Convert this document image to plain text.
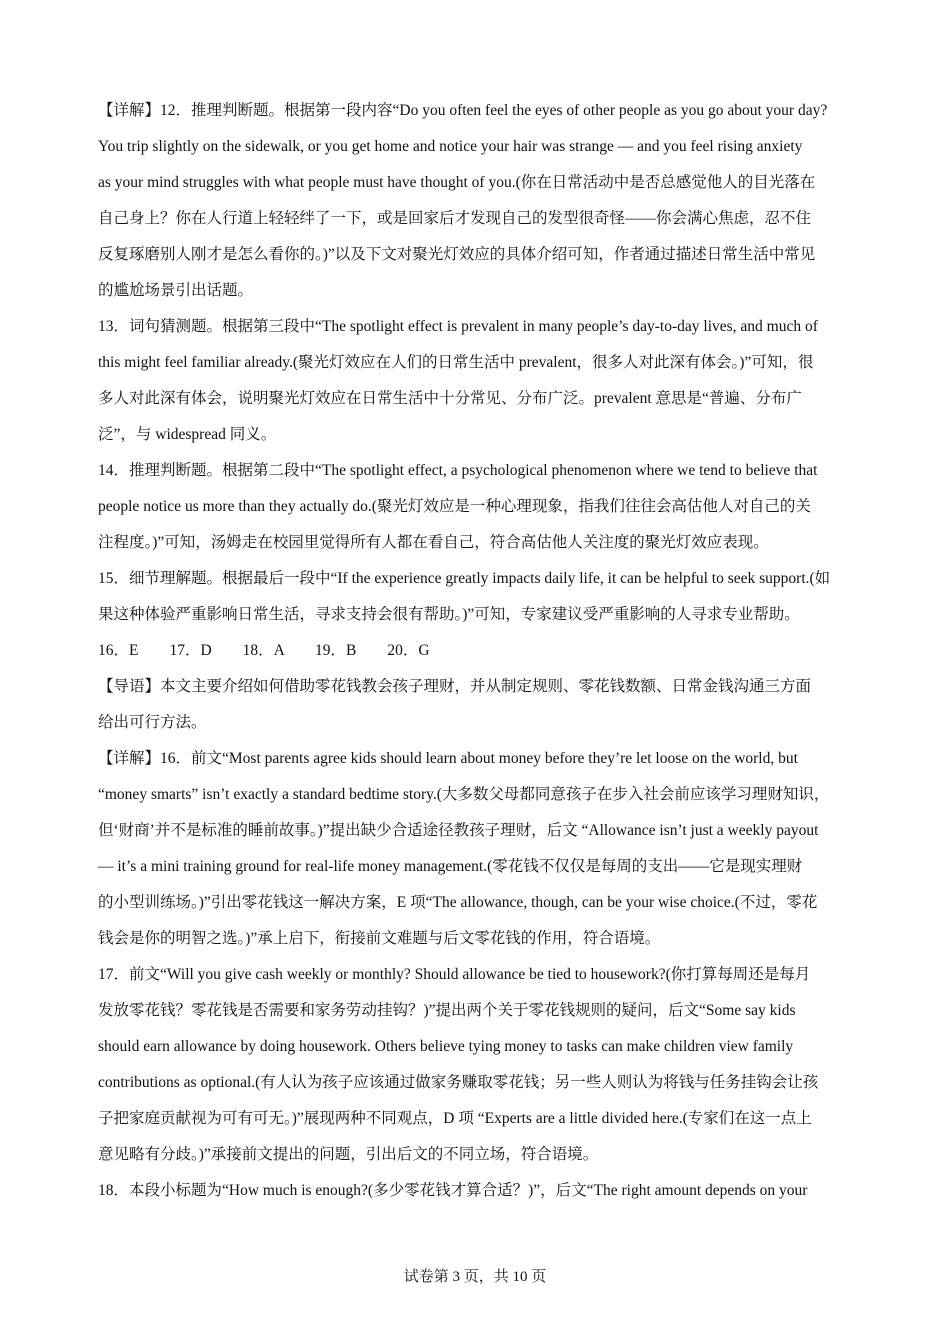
【详解】12．推理判断题。根据第一段内容“Do you often feel the eyes of other people as you go about your day?
You trip slightly on the sidewalk, or you get home and notice your hair was strange — and you feel rising anxiety
as your mind struggles with what people must have thought of you.(你在日常活动中是否总感觉他人的目光落在
自己身上？你在人行道上轻轻绊了一下，或是回家后才发现自己的发型很奇怪——你会满心焦虑，忍不住
反复琢磨别人刚才是怎么看你的。)”以及下文对聚光灯效应的具体介绍可知，作者通过描述日常生活中常见
的尴尬场景引出话题。
13．词句猜测题。根据第三段中“The spotlight effect is prevalent in many people’s day-to-day lives, and much of
this might feel familiar already.(聚光灯效应在人们的日常生活中 prevalent，很多人对此深有体会。)”可知，很
多人对此深有体会，说明聚光灯效应在日常生活中十分常见、分布广泛。prevalent 意思是“普遍、分布广
泛”，与 widespread 同义。
14．推理判断题。根据第二段中“The spotlight effect, a psychological phenomenon where we tend to believe that
people notice us more than they actually do.(聚光灯效应是一种心理现象，指我们往往会高估他人对自己的关
注程度。)”可知，汤姆走在校园里觉得所有人都在看自己，符合高估他人关注度的聚光灯效应表现。
15．细节理解题。根据最后一段中“If the experience greatly impacts daily life, it can be helpful to seek support.(如
果这种体验严重影响日常生活，寻求支持会很有帮助。)”可知，专家建议受严重影响的人寻求专业帮助。
16．E　　17．D　　18．A　　19．B　　20．G
【导语】本文主要介绍如何借助零花钱教会孩子理财，并从制定规则、零花钱数额、日常金钱沟通三方面
给出可行方法。
【详解】16．前文“Most parents agree kids should learn about money before they’re let loose on the world, but
“money smarts” isn’t exactly a standard bedtime story.(大多数父母都同意孩子在步入社会前应该学习理财知识，
但‘财商’并不是标准的睡前故事。)”提出缺少合适途径教孩子理财，后文 “Allowance isn’t just a weekly payout
— it’s a mini training ground for real-life money management.(零花钱不仅仅是每周的支出——它是现实理财
的小型训练场。)”引出零花钱这一解决方案，E 项“The allowance, though, can be your wise choice.(不过，零花
钱会是你的明智之选。)”承上启下，衔接前文难题与后文零花钱的作用，符合语境。
17．前文“Will you give cash weekly or monthly? Should allowance be tied to housework?(你打算每周还是每月
发放零花钱？零花钱是否需要和家务劳动挂钩？)”提出两个关于零花钱规则的疑问，后文“Some say kids
should earn allowance by doing housework. Others believe tying money to tasks can make children view family
contributions as optional.(有人认为孩子应该通过做家务赚取零花钱；另一些人则认为将钱与任务挂钩会让孩
子把家庭贡献视为可有可无。)”展现两种不同观点，D 项 “Experts are a little divided here.(专家们在这一点上
意见略有分歧。)”承接前文提出的问题，引出后文的不同立场，符合语境。
18．本段小标题为“How much is enough?(多少零花钱才算合适？)”，后文“The right amount depends on your
试卷第 3 页，共 10 页
